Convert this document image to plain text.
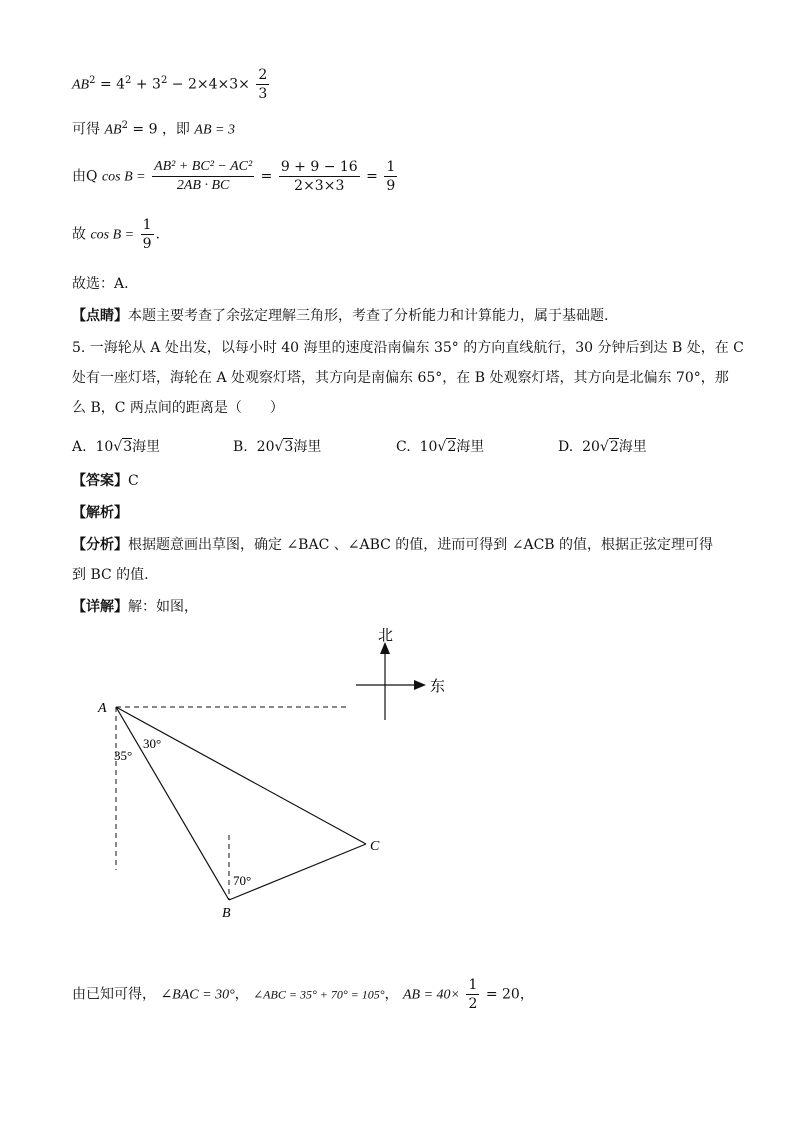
$AB^2 = 4^2 + 3^2 - 2\times 4\times 3\times \frac{2}{3}$
可得 $AB^2 = 9$ ，即 AB = 3
由Q $\cos B = \frac{\text{AB² + BC² − AC²}}{2AB \cdot BC} = \frac{9 + 9 - 16}{2\times 3\times 3} = \frac{1}{9}$
故 $\cos B = \frac{1}{9}$ .
故选：A.
【点睛】本题主要考查了余弦定理解三角形，考查了分析能力和计算能力，属于基础题.
5. 一海轮从 A 处出发，以每小时 40 海里的速度沿南偏东 35° 的方向直线航行，30 分钟后到达 B 处，在 C
处有一座灯塔，海轮在 A 处观察灯塔，其方向是南偏东 65°，在 B 处观察灯塔，其方向是北偏东 70°，那
么 B，C 两点间的距离是（　　）
A. 10√3海里	B. 20√3海里	C. 10√2海里	D. 20√2海里
【答案】C
【解析】
【分析】根据题意画出草图，确定 ∠BAC 、∠ABC 的值，进而可得到 ∠ACB 的值，根据正弦定理可得
到 BC 的值.
【详解】解：如图，
北
东
A
B
C
35°
30°
70°
由已知可得， ∠BAC = 30°， ∠ABC = 35° + 70° = 105°， AB = $40\times \frac{1}{2} = 20$，
